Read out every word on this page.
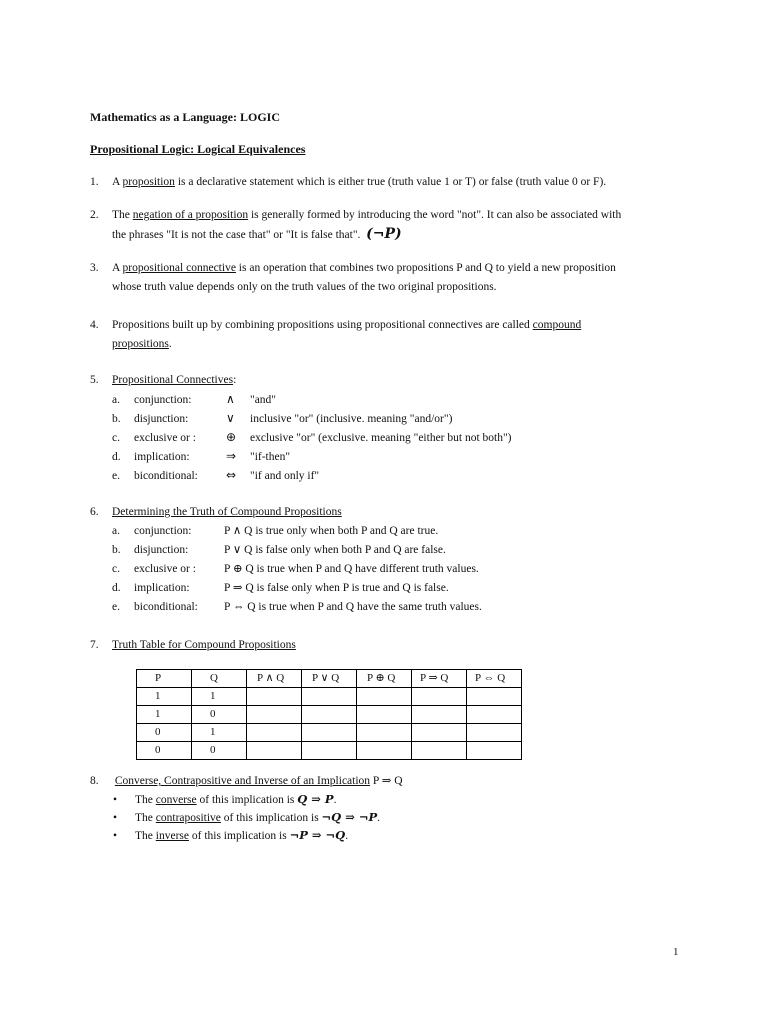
Mathematics as a Language: LOGIC
Propositional Logic: Logical Equivalences
1. A proposition is a declarative statement which is either true (truth value 1 or T) or false (truth value 0 or F).
2. The negation of a proposition is generally formed by introducing the word "not". It can also be associated with
the phrases "It is not the case that" or "It is false that". (¬P)
3. A propositional connective is an operation that combines two propositions P and Q to yield a new proposition
whose truth value depends only on the truth values of the two original propositions.
4. Propositions built up by combining propositions using propositional connectives are called compound
propositions.
5. Propositional Connectives:
a. conjunction:	∧ "and"
b. disjunction:	∨ inclusive "or" (inclusive. meaning "and/or")
c. exclusive or :	⊕ exclusive "or" (exclusive. meaning "either but not both")
d. implication:	⇒ "if-then"
e. biconditional: ⇔ "if and only if"
6. Determining the Truth of Compound Propositions
a. conjunction:	P ∧ Q is true only when both P and Q are true.
b. disjunction:	P ∨ Q is false only when both P and Q are false.
c. exclusive or : P ⊕ Q is true when P and Q have different truth values.
d. implication:	P ⇒ Q is false only when P is true and Q is false.
e. biconditional: P ⇔ Q is true when P and Q have the same truth values.
7. Truth Table for Compound Propositions
P	Q	P ∧ Q	P ∨ Q	P ⊕ Q	P ⇒ Q	P ⇔ Q
1	1					
1	0					
0	1					
0	0					
8. Converse, Contrapositive and Inverse of an Implication P ⇒ Q
• The converse of this implication is Q ⇒ P.
• The contrapositive of this implication is ¬Q ⇒ ¬P.
• The inverse of this implication is ¬P ⇒ ¬Q.
1
